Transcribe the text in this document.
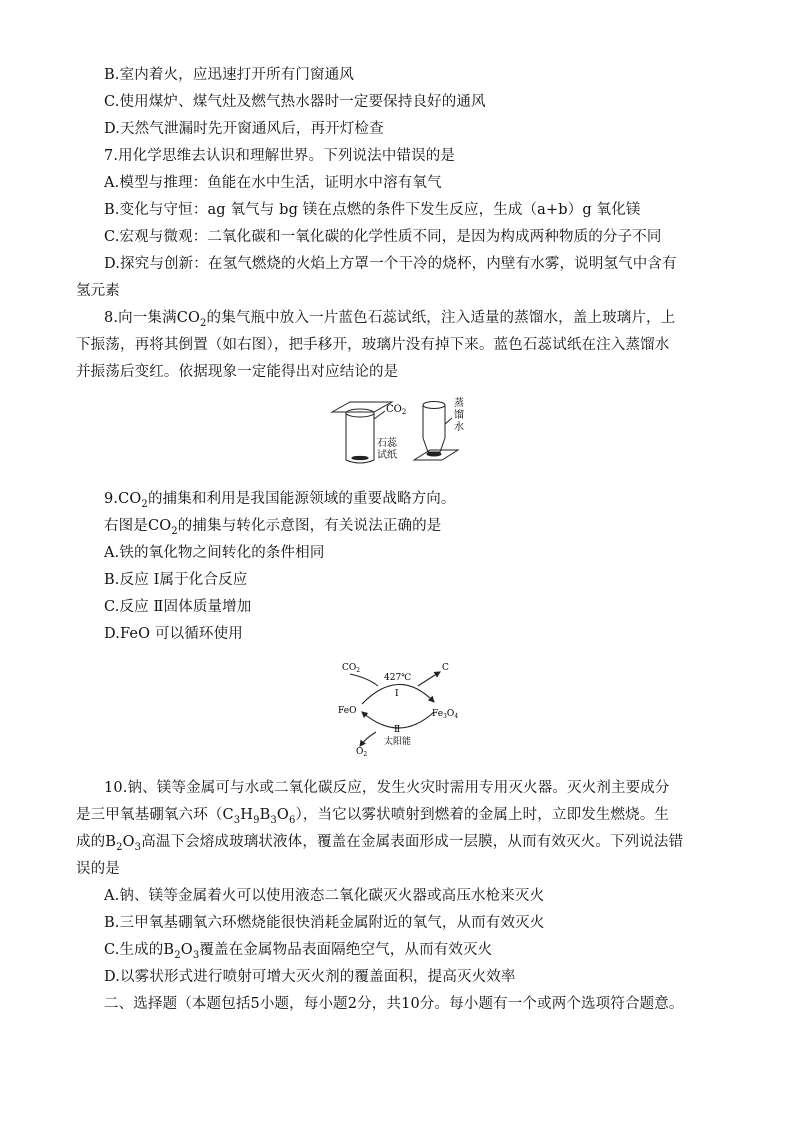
B.室内着火，应迅速打开所有门窗通风
C.使用煤炉、煤气灶及燃气热水器时一定要保持良好的通风
D.天然气泄漏时先开窗通风后，再开灯检查
7.用化学思维去认识和理解世界。下列说法中错误的是
A.模型与推理：鱼能在水中生活，证明水中溶有氧气
B.变化与守恒：ag 氧气与 bg 镁在点燃的条件下发生反应，生成（a+b）g 氧化镁
C.宏观与微观：二氧化碳和一氧化碳的化学性质不同，是因为构成两种物质的分子不同
D.探究与创新：在氢气燃烧的火焰上方罩一个干冷的烧杯，内壁有水雾，说明氢气中含有
氢元素
8.向一集满$CO_2$的集气瓶中放入一片蓝色石蕊试纸，注入适量的蒸馏水，盖上玻璃片，上
下振荡，再将其倒置（如右图），把手移开，玻璃片没有掉下来。蓝色石蕊试纸在注入蒸馏水
并振荡后变红。依据现象一定能得出对应结论的是
$CO_2$
石蕊
试纸
蒸
馏
水
$9.CO_2$的捕集和利用是我国能源领域的重要战略方向。
右图是$CO_2$的捕集与转化示意图，有关说法正确的是
A.铁的氧化物之间转化的条件相同
B.反应 Ⅰ属于化合反应
C.反应 Ⅱ固体质量增加
D.FeO 可以循环使用
$CO_2$
427℃
C
Ⅰ
FeO	$Fe_3O_4$
Ⅱ
太阳能
$O_2$
10.钠、镁等金属可与水或二氧化碳反应，发生火灾时需用专用灭火器。灭火剂主要成分
是三甲氧基硼氧六环$(C_3H_9B_3O_6)$，当它以雾状喷射到燃着的金属上时，立即发生燃烧。生
成的$B_2O_3$高温下会熔成玻璃状液体，覆盖在金属表面形成一层膜，从而有效灭火。下列说法错
误的是
A.钠、镁等金属着火可以使用液态二氧化碳灭火器或高压水枪来灭火
B.三甲氧基硼氧六环燃烧能很快消耗金属附近的氧气，从而有效灭火
C.生成的$B_2O_3$覆盖在金属物品表面隔绝空气，从而有效灭火
D.以雾状形式进行喷射可增大灭火剂的覆盖面积，提高灭火效率
二、选择题（本题包括5小题，每小题2分，共10分。每小题有一个或两个选项符合题意。
